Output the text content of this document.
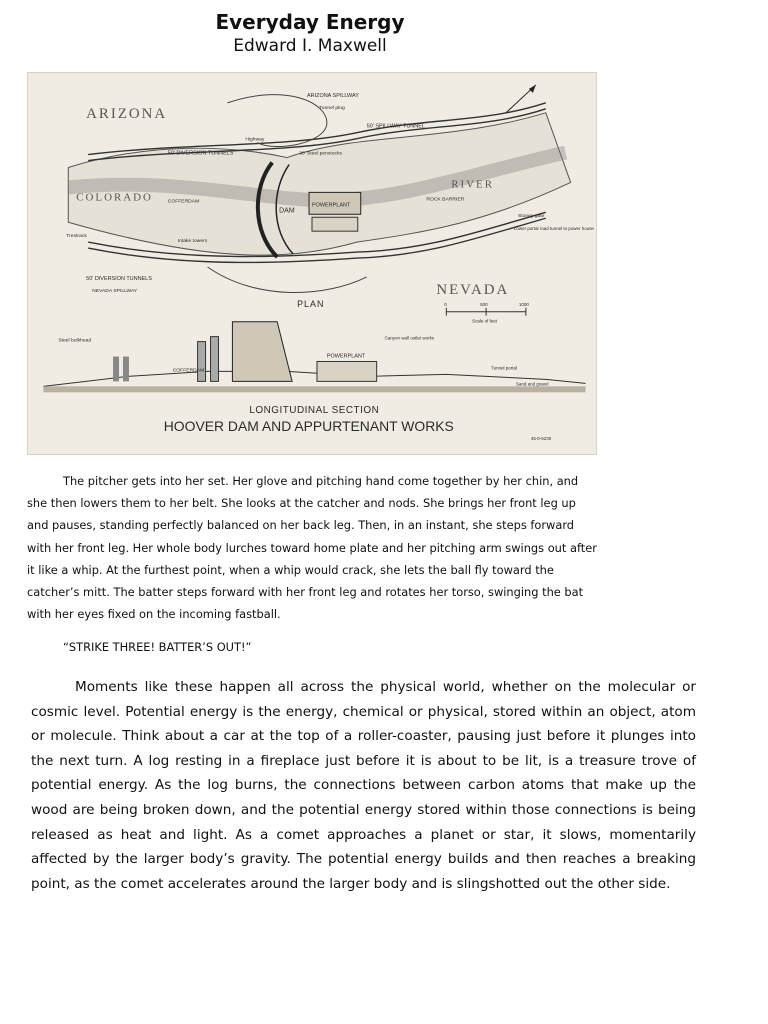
Everyday Energy
Edward I. Maxwell
ARIZONA
NEVADA
COLORADO
RIVER
ARIZONA SPILLWAY
Tunnel plug
50' SPILLWAY TUNNEL
50' DIVERSION TUNNELS
Highway
30' Steel penstocks
COFFERDAM
DAM
POWERPLANT
ROCK BARRIER
Trestrack
Intake towers
50' DIVERSION TUNNELS
NEVADA SPILLWAY
Stoney gate
Lower portal road tunnel to power house
PLAN	0	500	1000
Scale of feet
Steel bulkhead
POWERPLANT
Canyon wall outlet works
COFFERDAM
Tunnel portal
Sand and gravel
LONGITUDINAL SECTION
HOOVER DAM AND APPURTENANT WORKS
45-0-5230

The pitcher gets into her set. Her glove and pitching hand come together by her chin, and she then lowers them to her belt. She looks at the catcher and nods. She brings her front leg up and pauses, standing perfectly balanced on her back leg. Then, in an instant, she steps forward with her front leg. Her whole body lurches toward home plate and her pitching arm swings out after it like a whip. At the furthest point, when a whip would crack, she lets the ball fly toward the catcher’s mitt. The batter steps forward with her front leg and rotates her torso, swinging the bat with her eyes fixed on the incoming fastball.

“STRIKE THREE! BATTER’S OUT!”

Moments like these happen all across the physical world, whether on the molecular or cosmic level. Potential energy is the energy, chemical or physical, stored within an object, atom or molecule. Think about a car at the top of a roller-coaster, pausing just before it plunges into the next turn. A log resting in a fireplace just before it is about to be lit, is a treasure trove of potential energy. As the log burns, the connections between carbon atoms that make up the wood are being broken down, and the potential energy stored within those connections is being released as heat and light. As a comet approaches a planet or star, it slows, momentarily affected by the larger body’s gravity. The potential energy builds and then reaches a breaking point, as the comet accelerates around the larger body and is slingshotted out the other side.
